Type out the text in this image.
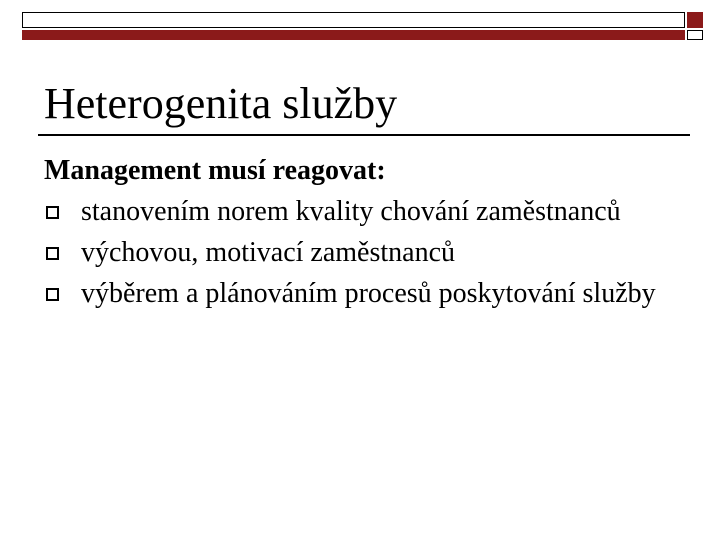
Heterogenita služby

Management musí reagovat:

stanovením norem kvality chování zaměstnanců
výchovou, motivací zaměstnanců
výběrem a plánováním procesů poskytování služby
